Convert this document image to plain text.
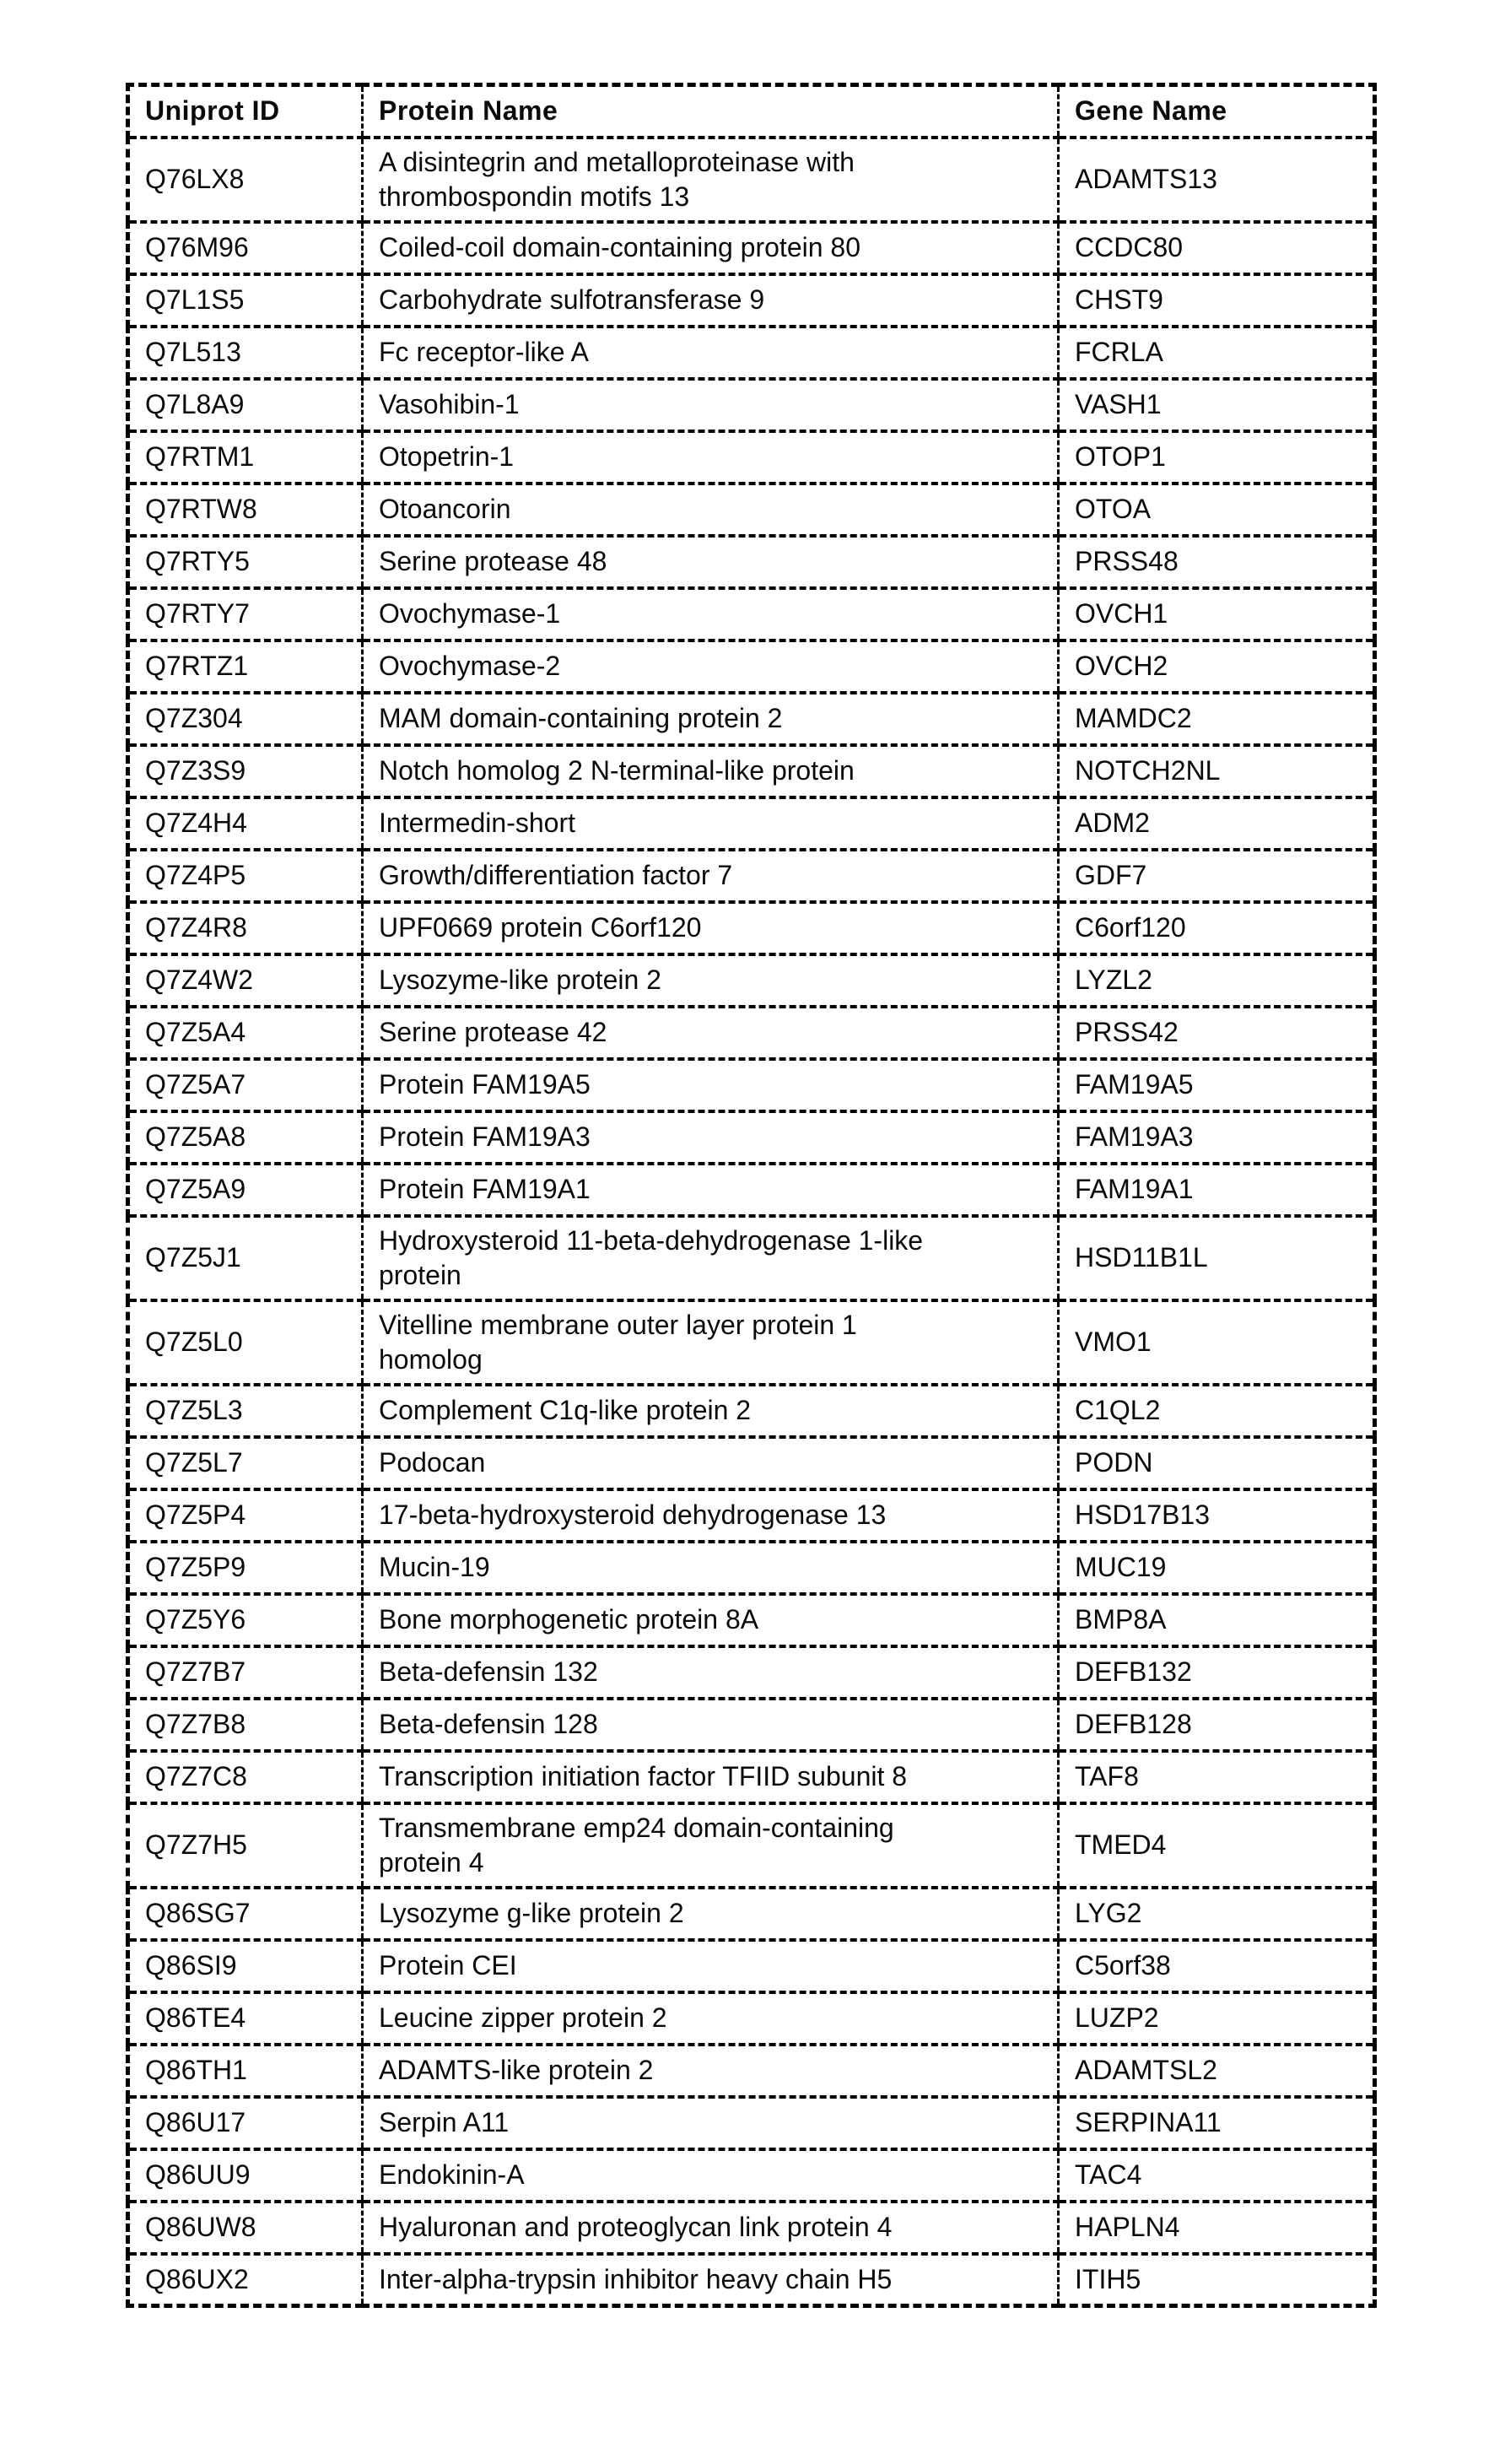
Uniprot ID	Protein Name	Gene Name
Q76LX8	A disintegrin and metalloproteinase with
thrombospondin motifs 13	ADAMTS13
Q76M96	Coiled-coil domain-containing protein 80	CCDC80
Q7L1S5	Carbohydrate sulfotransferase 9	CHST9
Q7L513	Fc receptor-like A	FCRLA
Q7L8A9	Vasohibin-1	VASH1
Q7RTM1	Otopetrin-1	OTOP1
Q7RTW8	Otoancorin	OTOA
Q7RTY5	Serine protease 48	PRSS48
Q7RTY7	Ovochymase-1	OVCH1
Q7RTZ1	Ovochymase-2	OVCH2
Q7Z304	MAM domain-containing protein 2	MAMDC2
Q7Z3S9	Notch homolog 2 N-terminal-like protein	NOTCH2NL
Q7Z4H4	Intermedin-short	ADM2
Q7Z4P5	Growth/differentiation factor 7	GDF7
Q7Z4R8	UPF0669 protein C6orf120	C6orf120
Q7Z4W2	Lysozyme-like protein 2	LYZL2
Q7Z5A4	Serine protease 42	PRSS42
Q7Z5A7	Protein FAM19A5	FAM19A5
Q7Z5A8	Protein FAM19A3	FAM19A3
Q7Z5A9	Protein FAM19A1	FAM19A1
Q7Z5J1	Hydroxysteroid 11-beta-dehydrogenase 1-like
protein	HSD11B1L
Q7Z5L0	Vitelline membrane outer layer protein 1
homolog	VMO1
Q7Z5L3	Complement C1q-like protein 2	C1QL2
Q7Z5L7	Podocan	PODN
Q7Z5P4	17-beta-hydroxysteroid dehydrogenase 13	HSD17B13
Q7Z5P9	Mucin-19	MUC19
Q7Z5Y6	Bone morphogenetic protein 8A	BMP8A
Q7Z7B7	Beta-defensin 132	DEFB132
Q7Z7B8	Beta-defensin 128	DEFB128
Q7Z7C8	Transcription initiation factor TFIID subunit 8	TAF8
Q7Z7H5	Transmembrane emp24 domain-containing
protein 4	TMED4
Q86SG7	Lysozyme g-like protein 2	LYG2
Q86SI9	Protein CEI	C5orf38
Q86TE4	Leucine zipper protein 2	LUZP2
Q86TH1	ADAMTS-like protein 2	ADAMTSL2
Q86U17	Serpin A11	SERPINA11
Q86UU9	Endokinin-A	TAC4
Q86UW8	Hyaluronan and proteoglycan link protein 4	HAPLN4
Q86UX2	Inter-alpha-trypsin inhibitor heavy chain H5	ITIH5
